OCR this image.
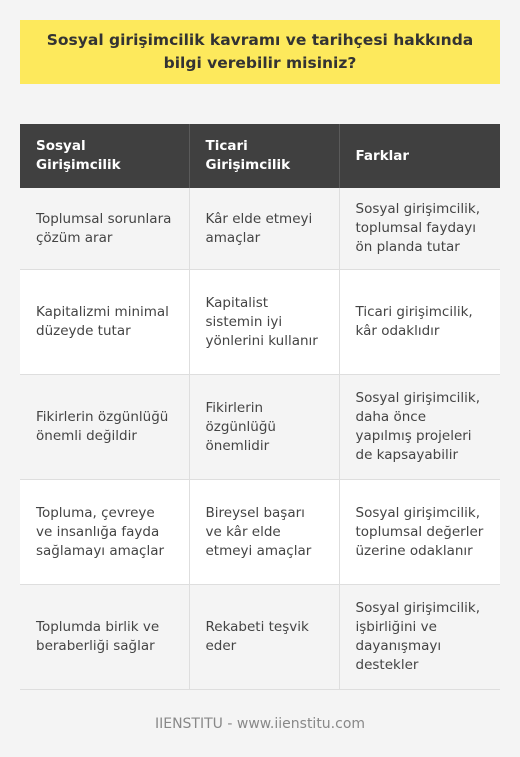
Sosyal girişimcilik kavramı ve tarihçesi hakkında bilgi verebilir misiniz?
Sosyal Girişimcilik	Ticari Girişimcilik	Farklar
Toplumsal sorunlara çözüm arar	Kâr elde etmeyi amaçlar	Sosyal girişimcilik, toplumsal faydayı ön planda tutar
Kapitalizmi minimal düzeyde tutar	Kapitalist sistemin iyi yönlerini kullanır	Ticari girişimcilik, kâr odaklıdır
Fikirlerin özgünlüğü önemli değildir	Fikirlerin özgünlüğü önemlidir	Sosyal girişimcilik, daha önce yapılmış projeleri de kapsayabilir
Topluma, çevreye ve insanlığa fayda sağlamayı amaçlar	Bireysel başarı ve kâr elde etmeyi amaçlar	Sosyal girişimcilik, toplumsal değerler üzerine odaklanır
Toplumda birlik ve beraberliği sağlar	Rekabeti teşvik eder	Sosyal girişimcilik, işbirliğini ve dayanışmayı destekler
IIENSTITU - www.iienstitu.com
